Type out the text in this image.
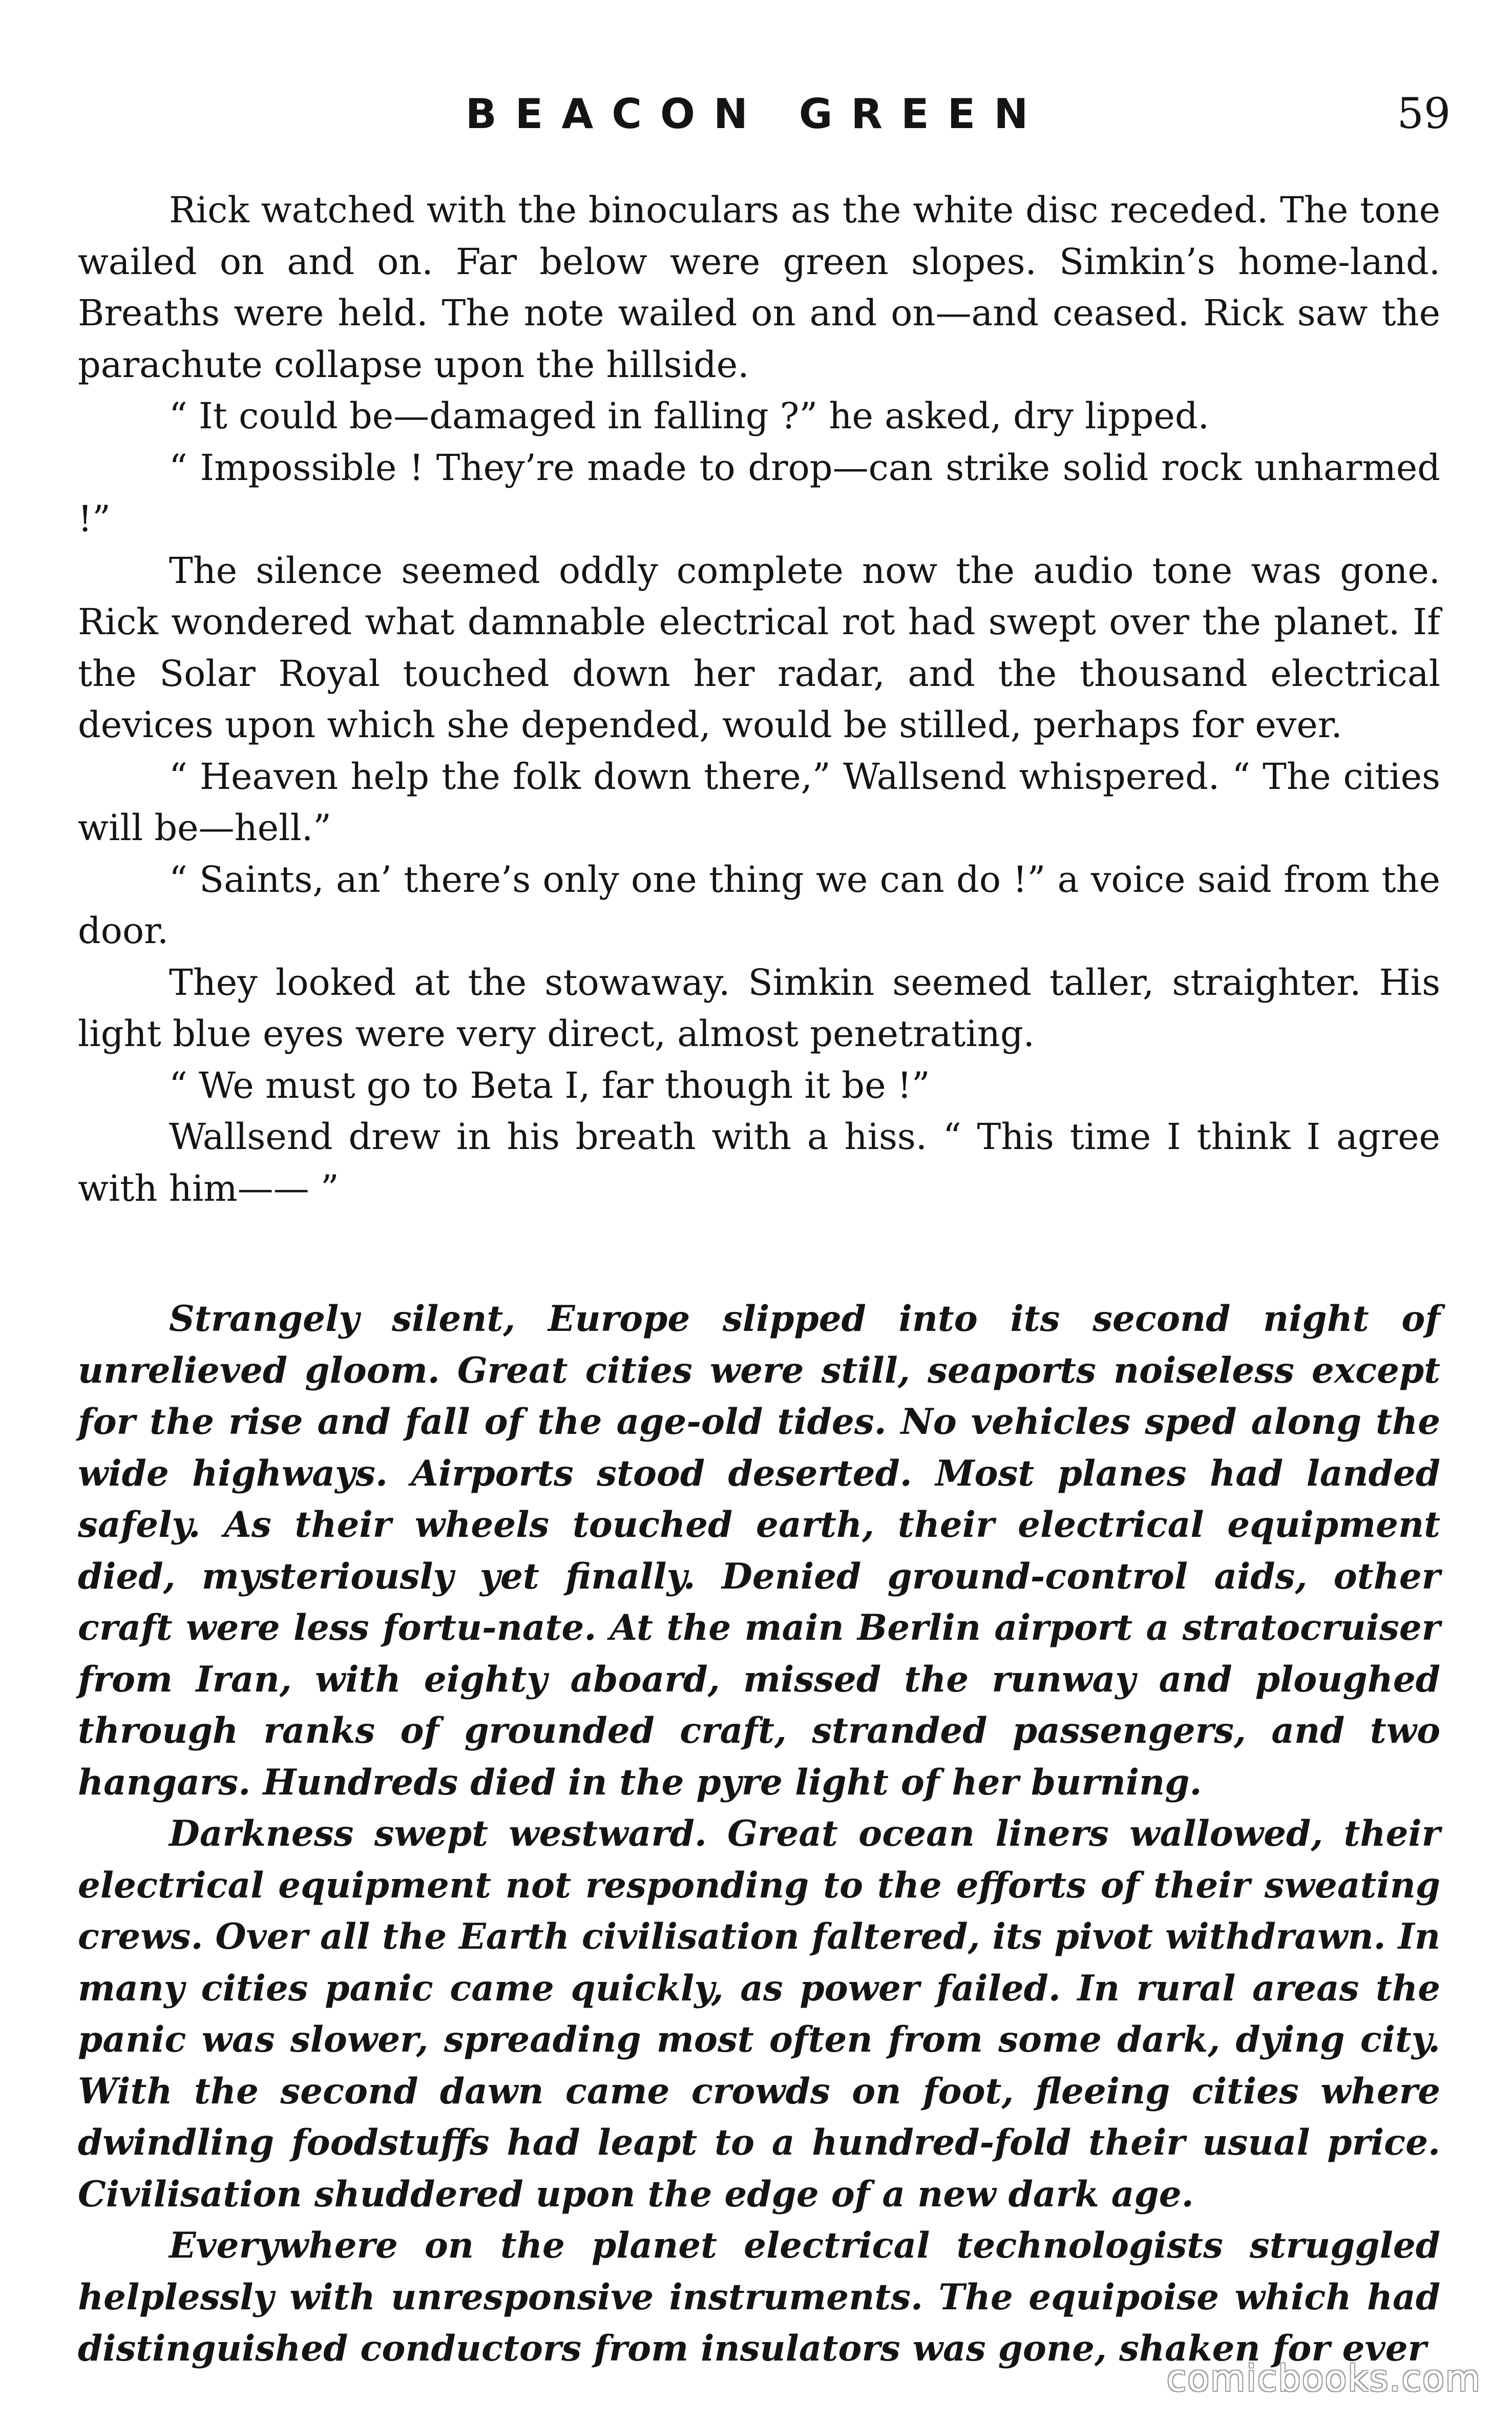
BEACON GREEN	59

Rick watched with the binoculars as the white disc receded. The tone wailed on and on. Far below were green slopes. Simkin’s home-land. Breaths were held. The note wailed on and on—and ceased. Rick saw the parachute collapse upon the hillside.

“ It could be—damaged in falling ?” he asked, dry lipped.

“ Impossible ! They’re made to drop—can strike solid rock unharmed !”

The silence seemed oddly complete now the audio tone was gone. Rick wondered what damnable electrical rot had swept over the planet. If the Solar Royal touched down her radar, and the thousand electrical devices upon which she depended, would be stilled, perhaps for ever.

“ Heaven help the folk down there,” Wallsend whispered. “ The cities will be—hell.”

“ Saints, an’ there’s only one thing we can do !” a voice said from the door.

They looked at the stowaway. Simkin seemed taller, straighter. His light blue eyes were very direct, almost penetrating.

“ We must go to Beta I, far though it be !”

Wallsend drew in his breath with a hiss. “ This time I think I agree with him—— ”

Strangely silent, Europe slipped into its second night of unrelieved gloom. Great cities were still, seaports noiseless except for the rise and fall of the age-old tides. No vehicles sped along the wide highways. Airports stood deserted. Most planes had landed safely. As their wheels touched earth, their electrical equipment died, mysteriously yet finally. Denied ground-control aids, other craft were less fortu-nate. At the main Berlin airport a stratocruiser from Iran, with eighty aboard, missed the runway and ploughed through ranks of grounded craft, stranded passengers, and two hangars. Hundreds died in the pyre light of her burning.

Darkness swept westward. Great ocean liners wallowed, their electrical equipment not responding to the efforts of their sweating crews. Over all the Earth civilisation faltered, its pivot withdrawn. In many cities panic came quickly, as power failed. In rural areas the panic was slower, spreading most often from some dark, dying city. With the second dawn came crowds on foot, fleeing cities where dwindling foodstuffs had leapt to a hundred-fold their usual price. Civilisation shuddered upon the edge of a new dark age.

Everywhere on the planet electrical technologists struggled helplessly with unresponsive instruments. The equipoise which had distinguished conductors from insulators was gone, shaken for ever

comicbooks.com
